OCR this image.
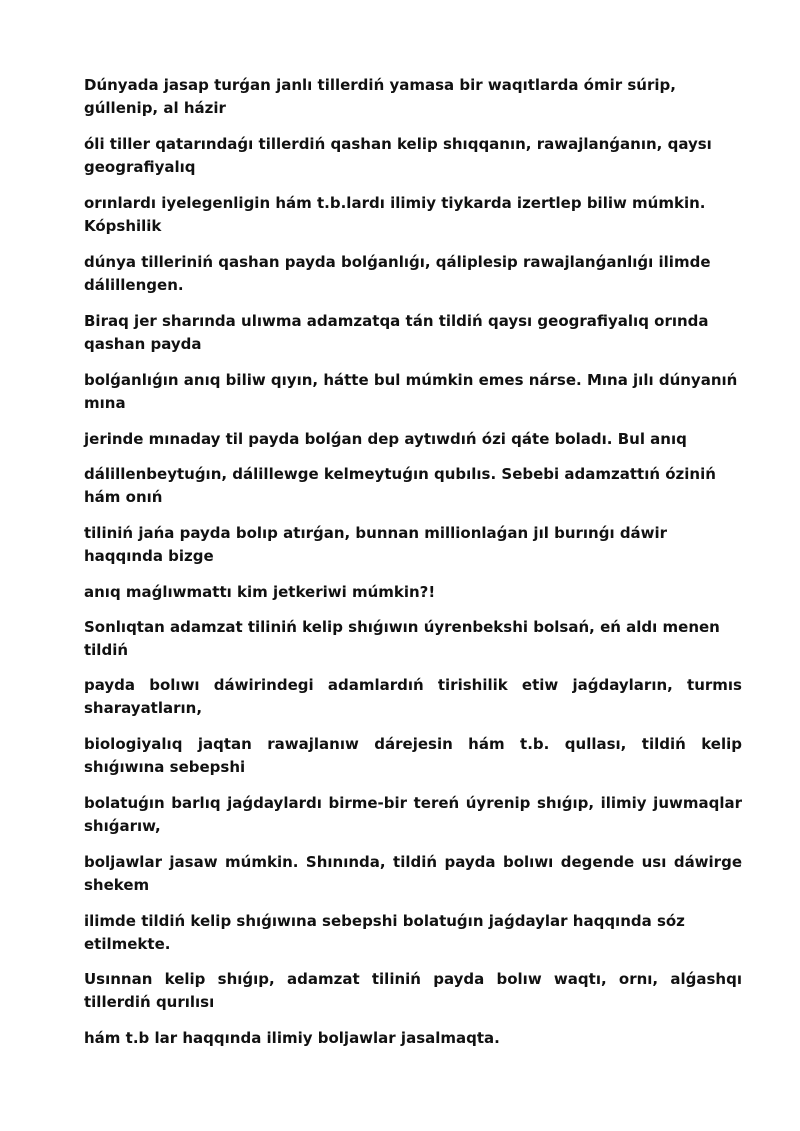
Dúnyada jasap turǵan janlı tillerdiń yamasa bir waqıtlarda ómir súrip, gúllenip, al házir

óli tiller qatarındaǵı tillerdiń qashan kelip shıqqanın, rawajlanǵanın, qaysı geografiyalıq

orınlardı iyelegenligin hám t.b.lardı ilimiy tiykarda izertlep biliw múmkin. Kópshilik

dúnya tilleriniń qashan payda bolǵanlıǵı, qáliplesip rawajlanǵanlıǵı ilimde dálillengen.

Biraq jer sharında ulıwma adamzatqa tán tildiń qaysı geografiyalıq orında qashan payda

bolǵanlıǵın anıq biliw qıyın, hátte bul múmkin emes nárse. Mına jılı dúnyanıń mına

jerinde mınaday til payda bolǵan dep aytıwdıń ózi qáte boladı. Bul anıq

dálillenbeytuǵın, dálillewge kelmeytuǵın qubılıs. Sebebi adamzattıń óziniń hám onıń

tiliniń jańa payda bolıp atırǵan, bunnan millionlaǵan jıl burınǵı dáwir haqqında bizge

anıq maǵlıwmattı kim jetkeriwi múmkin?!

Sonlıqtan adamzat tiliniń kelip shıǵıwın úyrenbekshi bolsań, eń aldı menen tildiń

payda bolıwı dáwirindegi adamlardıń tirishilik etiw jaǵdayların, turmıs sharayatların,

biologiyalıq jaqtan rawajlanıw dárejesin hám t.b. qullası, tildiń kelip shıǵıwına sebepshi

bolatuǵın barlıq jaǵdaylardı birme-bir tereń úyrenip shıǵıp, ilimiy juwmaqlar shıǵarıw,

boljawlar jasaw múmkin. Shınında, tildiń payda bolıwı degende usı dáwirge shekem

ilimde tildiń kelip shıǵıwına sebepshi bolatuǵın jaǵdaylar haqqında sóz etilmekte.

Usınnan kelip shıǵıp, adamzat tiliniń payda bolıw waqtı, ornı, alǵashqı tillerdiń qurılısı

hám t.b lar haqqında ilimiy boljawlar jasalmaqta.
